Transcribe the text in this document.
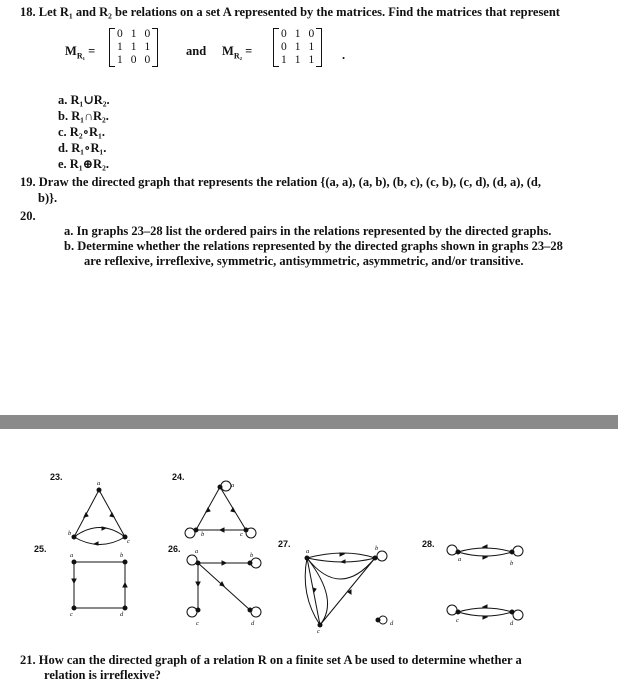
18. Let R₁ and R₂ be relations on a set A represented by the matrices. Find the matrices that represent
$M_{R_1}$ =
0 1 0
1 1 1
1 0 0
and $M_{R_2}$ =
0 1 0
0 1 1
1 1 1 .
a. R₁∪R₂.
b. R₁∩R₂.
c. R₂∘R₁.
d. R₁∘R₁.
e. R₁⊕R₂.
19. Draw the directed graph that represents the relation {(a, a), (a, b), (b, c), (c, b), (c, d), (d, a), (d,
b)}.
20.
a. In graphs 23–28 list the ordered pairs in the relations represented by the directed graphs.
b. Determine whether the relations represented by the directed graphs shown in graphs 23–28
are reflexive, irreflexive, symmetric, antisymmetric, asymmetric, and/or transitive.
23.	24.
25.	26.	27.	28.
a
b
c
a
b	c
a	b
c	d
a
b
c	d
a	b
c
d
a
b
c	d
21. How can the directed graph of a relation R on a finite set A be used to determine whether a
relation is irreflexive?
